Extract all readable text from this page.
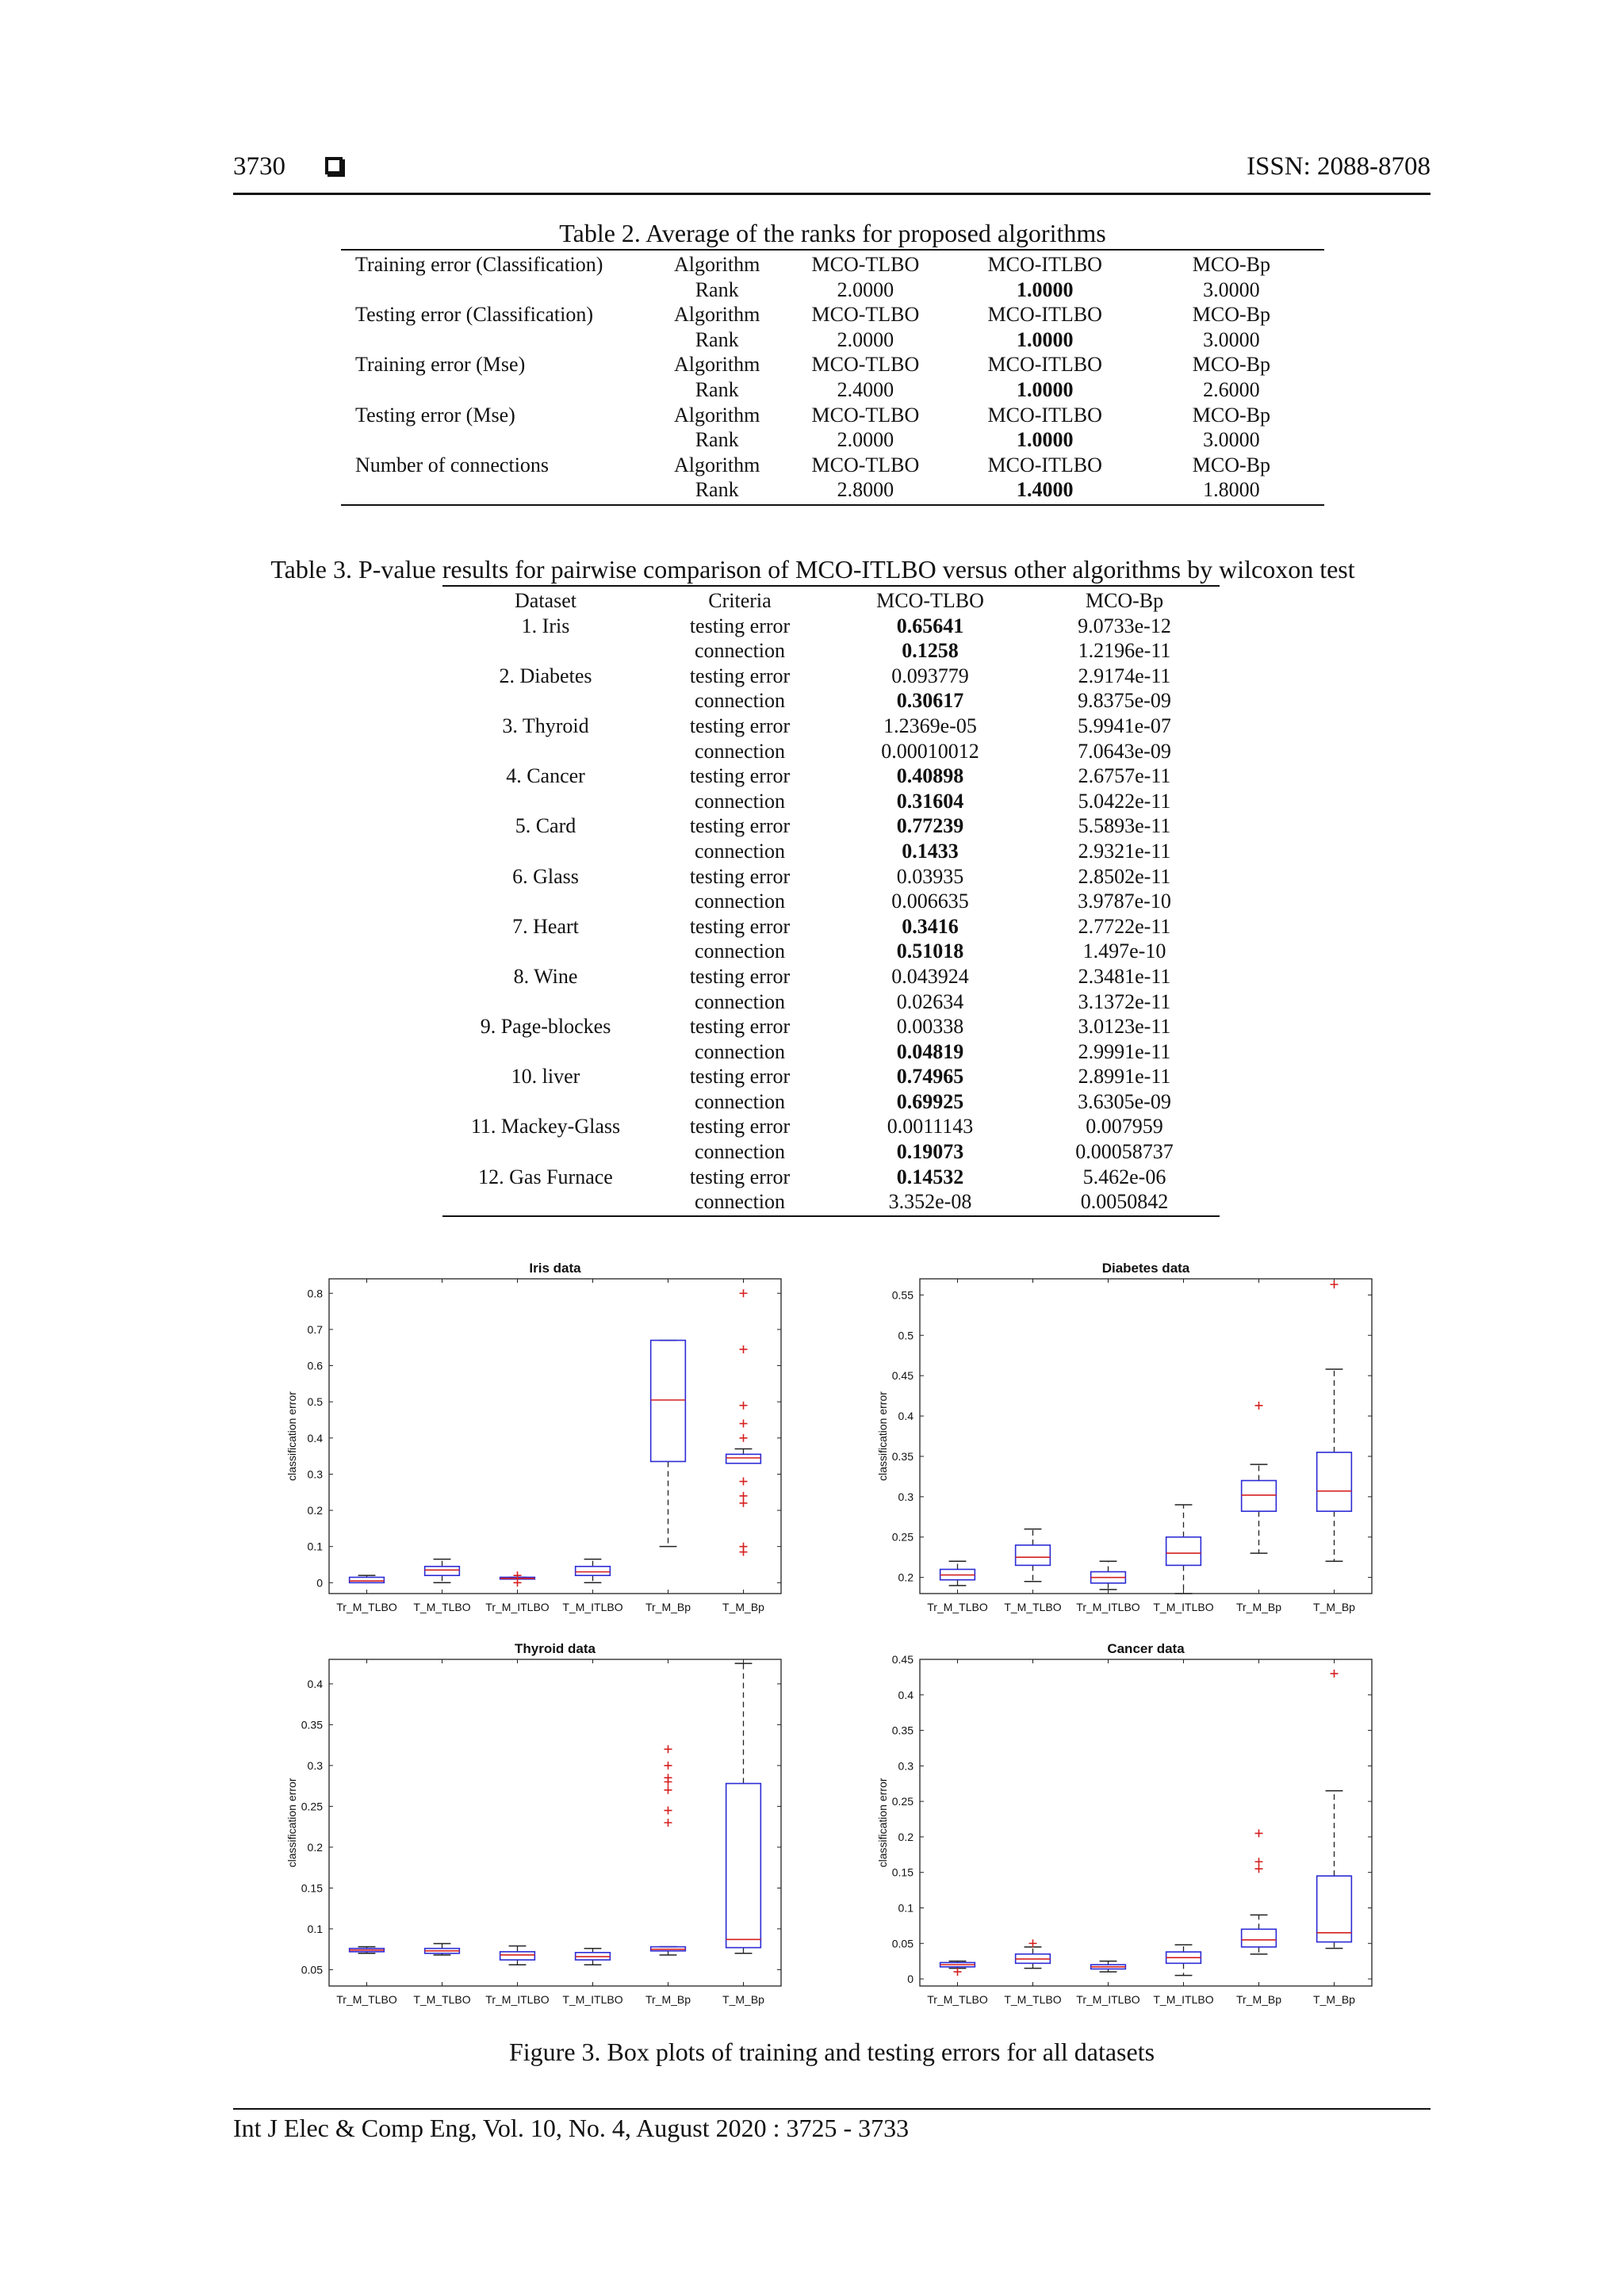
3730	ISSN: 2088-8708
Table 2. Average of the ranks for proposed algorithms
Training error (Classification)	Algorithm	MCO-TLBO	MCO-ITLBO	MCO-Bp
	Rank	2.0000	1.0000	3.0000
Testing error (Classification)	Algorithm	MCO-TLBO	MCO-ITLBO	MCO-Bp
	Rank	2.0000	1.0000	3.0000
Training error (Mse)	Algorithm	MCO-TLBO	MCO-ITLBO	MCO-Bp
	Rank	2.4000	1.0000	2.6000
Testing error (Mse)	Algorithm	MCO-TLBO	MCO-ITLBO	MCO-Bp
	Rank	2.0000	1.0000	3.0000
Number of connections	Algorithm	MCO-TLBO	MCO-ITLBO	MCO-Bp
	Rank	2.8000	1.4000	1.8000
Table 3. P-value results for pairwise comparison of MCO-ITLBO versus other algorithms by wilcoxon test
Dataset	Criteria	MCO-TLBO	MCO-Bp
1. Iris	testing error	0.65641	9.0733e-12
	connection	0.1258	1.2196e-11
2. Diabetes	testing error	0.093779	2.9174e-11
	connection	0.30617	9.8375e-09
3. Thyroid	testing error	1.2369e-05	5.9941e-07
	connection	0.00010012	7.0643e-09
4. Cancer	testing error	0.40898	2.6757e-11
	connection	0.31604	5.0422e-11
5. Card	testing error	0.77239	5.5893e-11
	connection	0.1433	2.9321e-11
6. Glass	testing error	0.03935	2.8502e-11
	connection	0.006635	3.9787e-10
7. Heart	testing error	0.3416	2.7722e-11
	connection	0.51018	1.497e-10
8. Wine	testing error	0.043924	2.3481e-11
	connection	0.02634	3.1372e-11
9. Page-blockes	testing error	0.00338	3.0123e-11
	connection	0.04819	2.9991e-11
10. liver	testing error	0.74965	2.8991e-11
	connection	0.69925	3.6305e-09
11. Mackey-Glass	testing error	0.0011143	0.007959
	connection	0.19073	0.00058737
12. Gas Furnace	testing error	0.14532	5.462e-06
	connection	3.352e-08	0.0050842
Iris data
0
0.1
0.2
0.3
0.4
0.5
0.6
0.7
0.8
classification error
Tr_M_TLBO T_M_TLBO Tr_M_ITLBO T_M_ITLBO Tr_M_Bp	T_M_Bp
Diabetes data
0.2
0.25
0.3
0.35
0.4
0.45
0.5
0.55
classification error
Tr_M_TLBO T_M_TLBO Tr_M_ITLBO T_M_ITLBO Tr_M_Bp	T_M_Bp
Thyroid data
0.05
0.1
0.15
0.2
0.25
0.3
0.35
0.4
classification error
Tr_M_TLBO T_M_TLBO Tr_M_ITLBO T_M_ITLBO Tr_M_Bp	T_M_Bp
Cancer data
0
0.05
0.1
0.15
0.2
0.25
0.3
0.35
0.4
0.45
classification error
Tr_M_TLBO T_M_TLBO Tr_M_ITLBO T_M_ITLBO Tr_M_Bp	T_M_Bp
Figure 3. Box plots of training and testing errors for all datasets
Int J Elec & Comp Eng, Vol. 10, No. 4, August 2020 : 3725 - 3733
